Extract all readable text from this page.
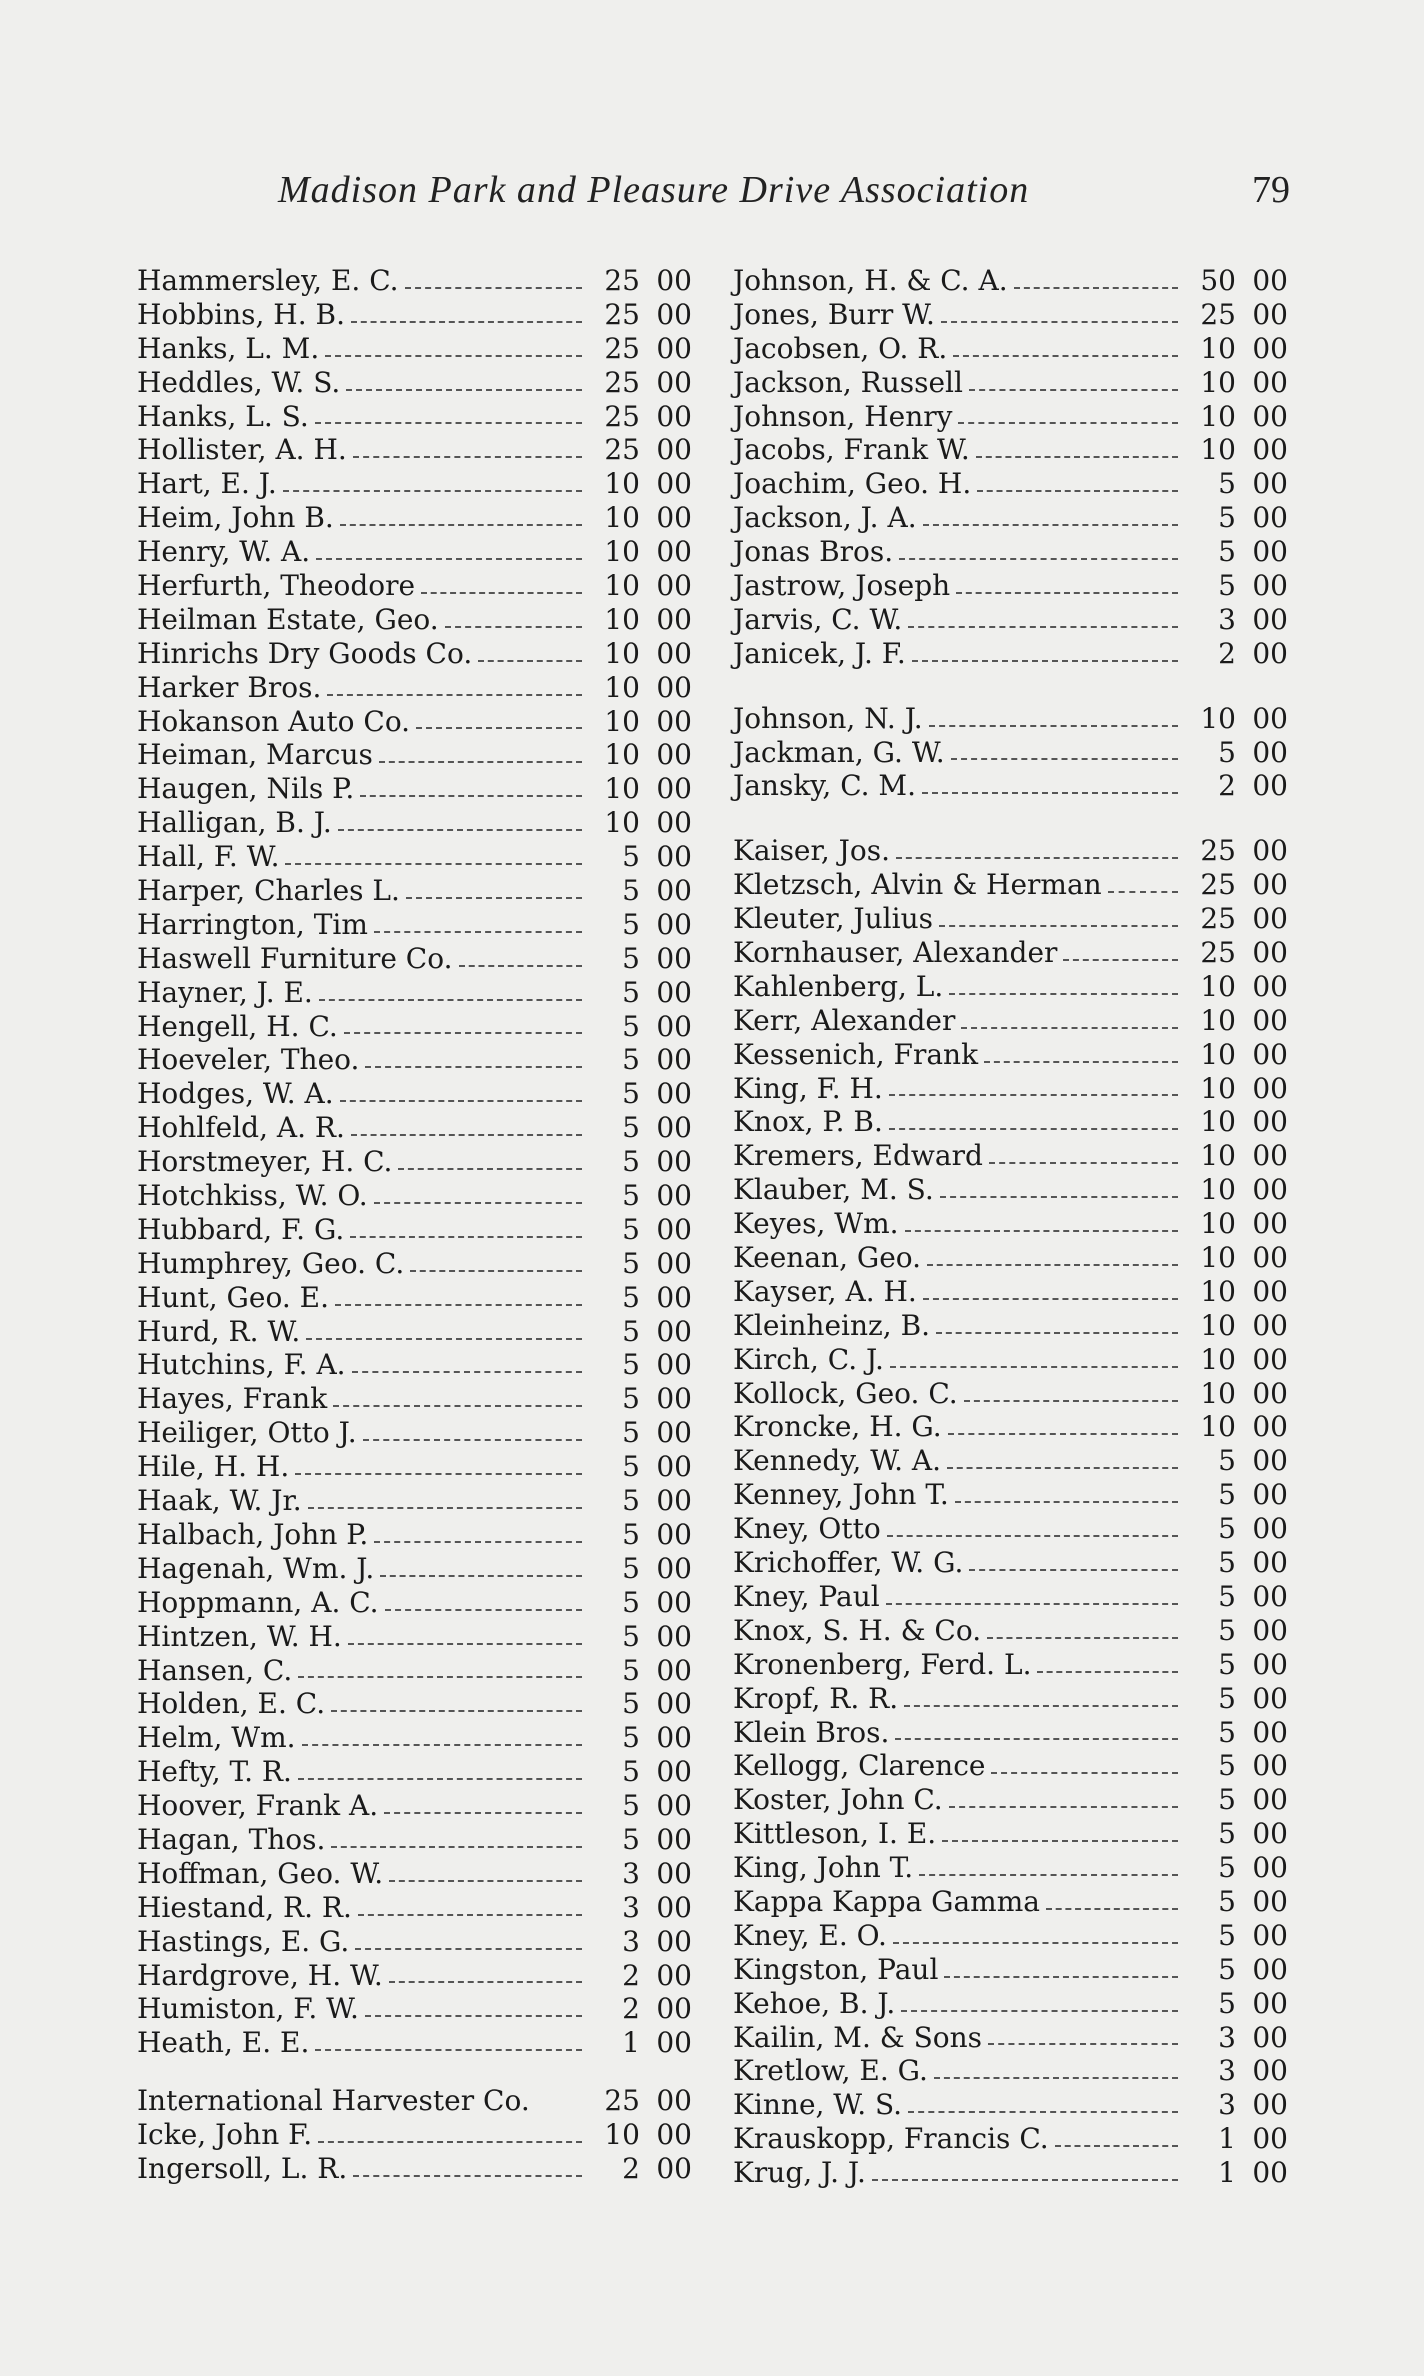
Madison Park and Pleasure Drive Association	79
Hammersley, E. C.	25 00
Hobbins, H. B.	25 00
Hanks, L. M.	25 00
Heddles, W. S.	25 00
Hanks, L. S.	25 00
Hollister, A. H.	25 00
Hart, E. J.	10 00
Heim, John B.	10 00
Henry, W. A.	10 00
Herfurth, Theodore	10 00
Heilman Estate, Geo.	10 00
Hinrichs Dry Goods Co.	10 00
Harker Bros.	10 00
Hokanson Auto Co.	10 00
Heiman, Marcus	10 00
Haugen, Nils P.	10 00
Halligan, B. J.	10 00
Hall, F. W.	5 00
Harper, Charles L.	5 00
Harrington, Tim	5 00
Haswell Furniture Co.	5 00
Hayner, J. E.	5 00
Hengell, H. C.	5 00
Hoeveler, Theo.	5 00
Hodges, W. A.	5 00
Hohlfeld, A. R.	5 00
Horstmeyer, H. C.	5 00
Hotchkiss, W. O.	5 00
Hubbard, F. G.	5 00
Humphrey, Geo. C.	5 00
Hunt, Geo. E.	5 00
Hurd, R. W.	5 00
Hutchins, F. A.	5 00
Hayes, Frank	5 00
Heiliger, Otto J.	5 00
Hile, H. H.	5 00
Haak, W. Jr.	5 00
Halbach, John P.	5 00
Hagenah, Wm. J.	5 00
Hoppmann, A. C.	5 00
Hintzen, W. H.	5 00
Hansen, C.	5 00
Holden, E. C.	5 00
Helm, Wm.	5 00
Hefty, T. R.	5 00
Hoover, Frank A.	5 00
Hagan, Thos.	5 00
Hoffman, Geo. W.	3 00
Hiestand, R. R.	3 00
Hastings, E. G.	3 00
Hardgrove, H. W.	2 00
Humiston, F. W.	2 00
Heath, E. E.	1 00
International Harvester Co.	25 00
Icke, John F.	10 00
Ingersoll, L. R.	2 00
Johnson, H. & C. A.	50 00
Jones, Burr W.	25 00
Jacobsen, O. R.	10 00
Jackson, Russell	10 00
Johnson, Henry	10 00
Jacobs, Frank W.	10 00
Joachim, Geo. H.	5 00
Jackson, J. A.	5 00
Jonas Bros.	5 00
Jastrow, Joseph	5 00
Jarvis, C. W.	3 00
Janicek, J. F.	2 00
Johnson, N. J.	10 00
Jackman, G. W.	5 00
Jansky, C. M.	2 00
Kaiser, Jos.	25 00
Kletzsch, Alvin & Herman	25 00
Kleuter, Julius	25 00
Kornhauser, Alexander	25 00
Kahlenberg, L.	10 00
Kerr, Alexander	10 00
Kessenich, Frank	10 00
King, F. H.	10 00
Knox, P. B.	10 00
Kremers, Edward	10 00
Klauber, M. S.	10 00
Keyes, Wm.	10 00
Keenan, Geo.	10 00
Kayser, A. H.	10 00
Kleinheinz, B.	10 00
Kirch, C. J.	10 00
Kollock, Geo. C.	10 00
Kroncke, H. G.	10 00
Kennedy, W. A.	5 00
Kenney, John T.	5 00
Kney, Otto	5 00
Krichoffer, W. G.	5 00
Kney, Paul	5 00
Knox, S. H. & Co.	5 00
Kronenberg, Ferd. L.	5 00
Kropf, R. R.	5 00
Klein Bros.	5 00
Kellogg, Clarence	5 00
Koster, John C.	5 00
Kittleson, I. E.	5 00
King, John T.	5 00
Kappa Kappa Gamma	5 00
Kney, E. O.	5 00
Kingston, Paul	5 00
Kehoe, B. J.	5 00
Kailin, M. & Sons	3 00
Kretlow, E. G.	3 00
Kinne, W. S.	3 00
Krauskopp, Francis C.	1 00
Krug, J. J.	1 00
